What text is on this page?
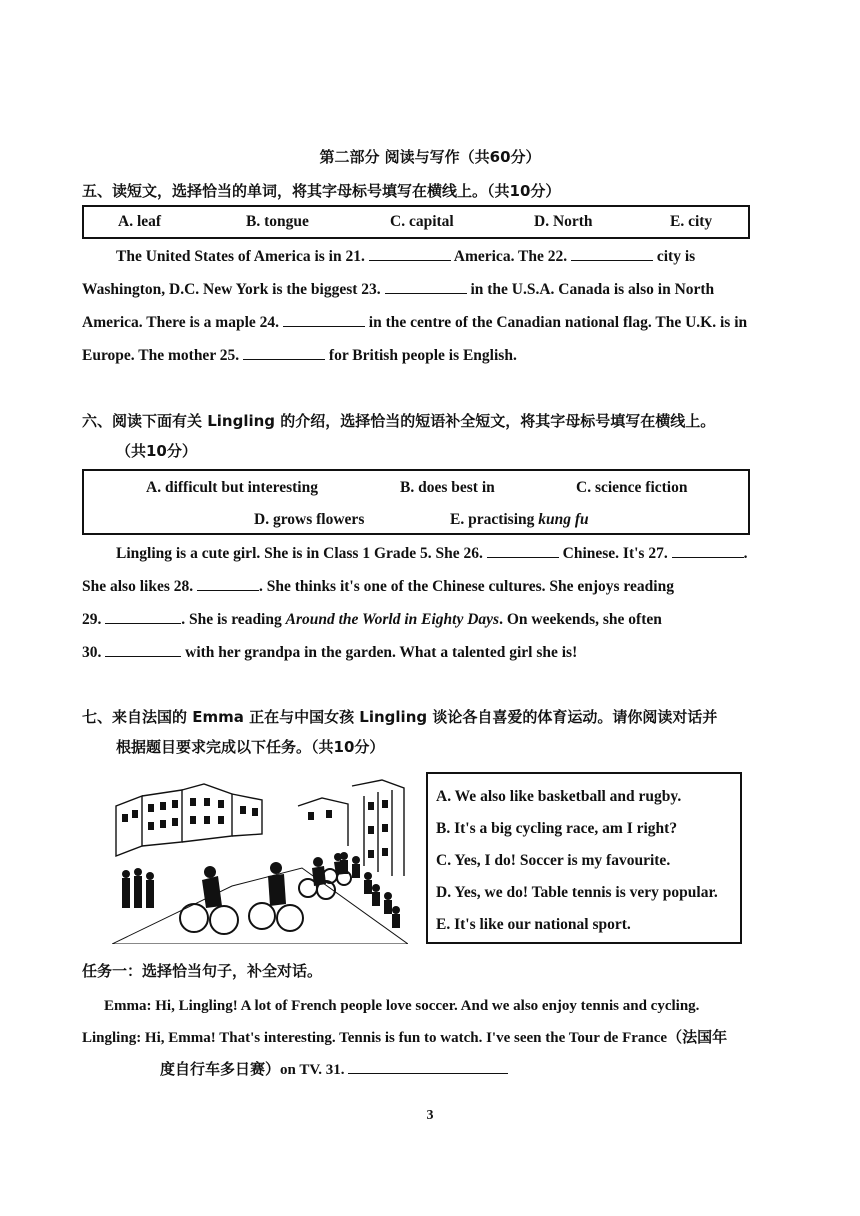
第二部分 阅读与写作（共60分）
五、读短文，选择恰当的单词，将其字母标号填写在横线上。（共10分）
A. leaf	B. tongue	C. capital	D. North	E. city
The United States of America is in 21.	America. The 22.	city is
Washington, D.C. New York is the biggest 23.	in the U.S.A. Canada is also in North
America. There is a maple 24.	in the centre of the Canadian national flag. The U.K. is in
Europe. The mother 25.	for British people is English.
六、阅读下面有关 Lingling 的介绍，选择恰当的短语补全短文，将其字母标号填写在横线上。
（共10分）
A. difficult but interesting	B. does best in	C. science fiction
D. grows flowers	E. practising kung fu
Lingling is a cute girl. She is in Class 1 Grade 5. She 26.	Chinese. It's 27.	.
She also likes 28.	. She thinks it's one of the Chinese cultures. She enjoys reading
29.	. She is reading Around the World in Eighty Days. On weekends, she often
30.	with her grandpa in the garden. What a talented girl she is!
七、来自法国的 Emma 正在与中国女孩 Lingling 谈论各自喜爱的体育运动。请你阅读对话并
根据题目要求完成以下任务。（共10分）
A. We also like basketball and rugby.
B. It's a big cycling race, am I right?
C. Yes, I do! Soccer is my favourite.
D. Yes, we do! Table tennis is very popular.
E. It's like our national sport.
任务一：选择恰当句子，补全对话。
Emma: Hi, Lingling! A lot of French people love soccer. And we also enjoy tennis and cycling.
Lingling: Hi, Emma! That's interesting. Tennis is fun to watch. I've seen the Tour de France（法国年
度自行车多日赛）on TV. 31.
3
